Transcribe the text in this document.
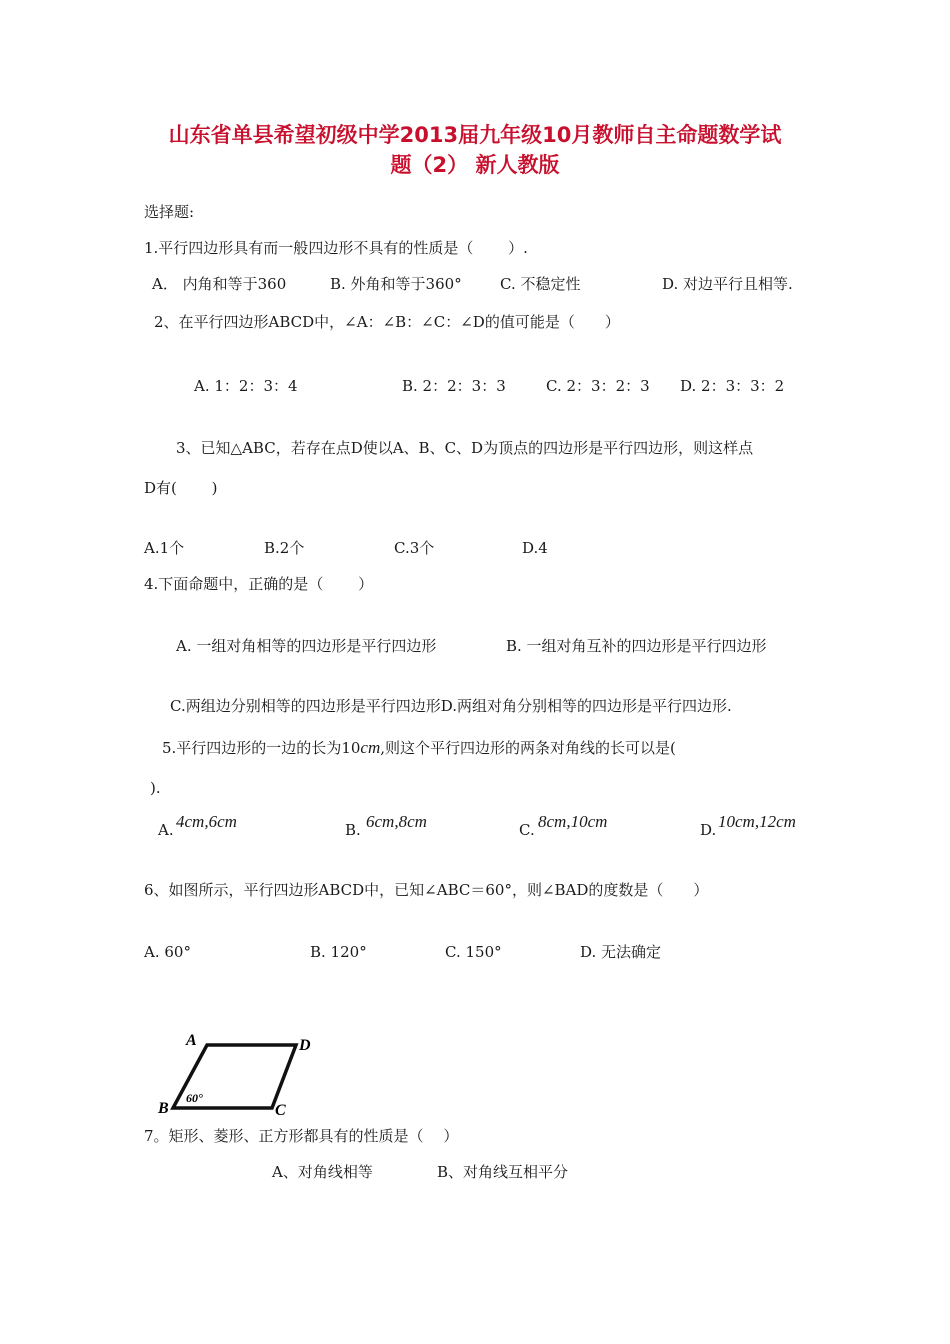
山东省单县希望初级中学2013届九年级10月教师自主命题数学试
题（2） 新人教版
选择题:
1.平行四边形具有而一般四边形不具有的性质是（　　 ）.
A． 内角和等于360	B. 外角和等于360°	C. 不稳定性	D. 对边平行且相等.
2、在平行四边形ABCD中，∠A：∠B：∠C：∠D的值可能是（　　）
A. 1：2：3：4	B. 2：2：3：3	C. 2：3：2：3 D. 2：3：3：2
3、已知△ABC，若存在点D使以A、B、C、D为顶点的四边形是平行四边形，则这样点
D有(　　 )
A.1个	B.2个	C.3个	D.4
4.下面命题中，正确的是（　　 ）
A. 一组对角相等的四边形是平行四边形	B. 一组对角互补的四边形是平行四边形
C.两组边分别相等的四边形是平行四边形D.两组对角分别相等的四边形是平行四边形.
5.平行四边形的一边的长为10cm,则这个平行四边形的两条对角线的长可以是(
).
A. 4cm,6cm	B. 6cm,8cm	C. 8cm,10cm	D. 10cm,12cm
6、如图所示，平行四边形ABCD中，已知∠ABC＝60°，则∠BAD的度数是（　　）
A. 60°	B. 120°	C. 150°	D. 无法确定
A	D
B	C
60°
7。矩形、菱形、正方形都具有的性质是（　 ）
A、对角线相等	B、对角线互相平分
